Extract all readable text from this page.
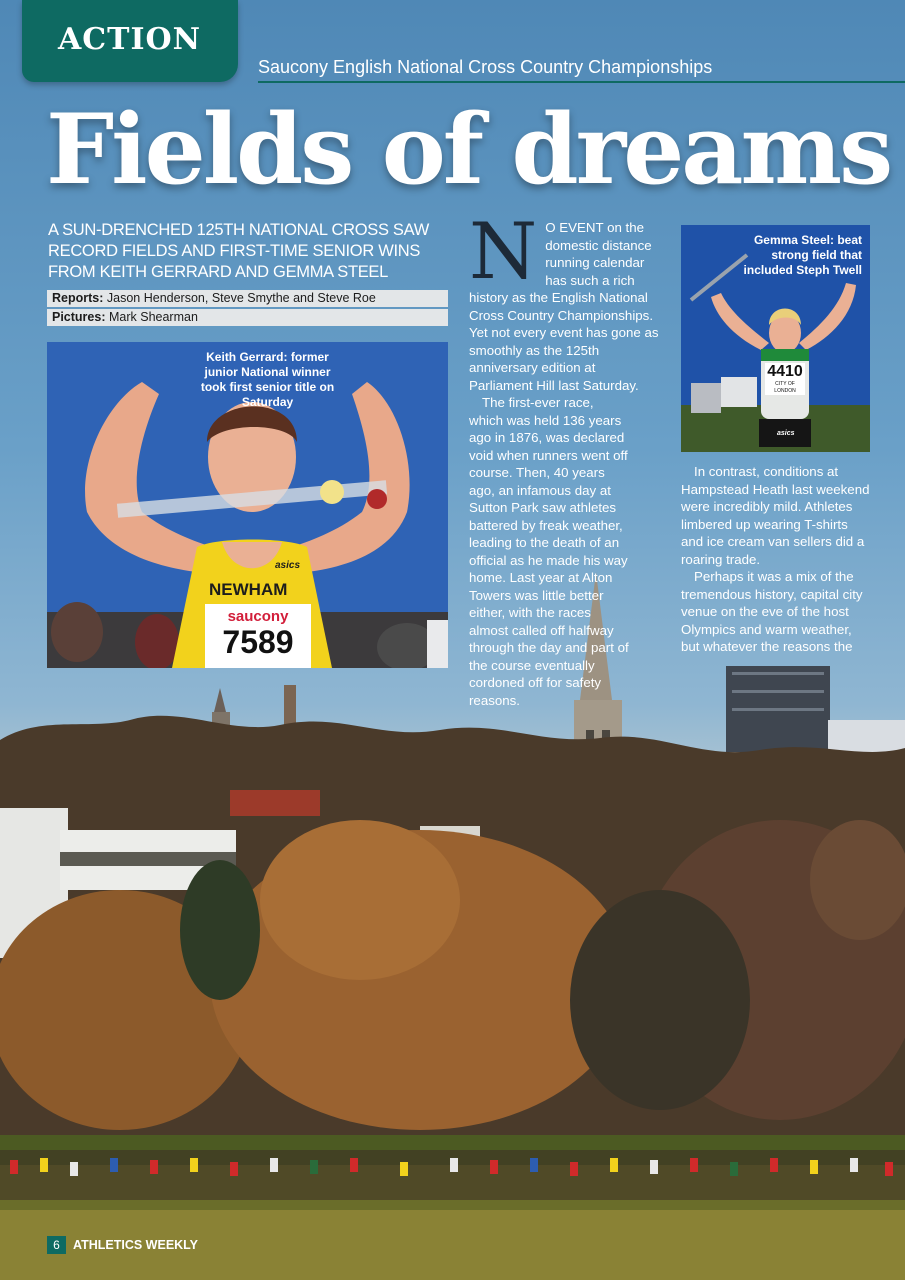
ACTION
Saucony English National Cross Country Championships
Fields of dreams
A SUN-DRENCHED 125TH NATIONAL CROSS SAW RECORD FIELDS AND FIRST-TIME SENIOR WINS FROM KEITH GERRARD AND GEMMA STEEL
Reports: Jason Henderson, Steve Smythe and Steve Roe
Pictures: Mark Shearman
Keith Gerrard: former junior National winner took first senior title on Saturday
NEWHAM
asics
saucony
7589

N O EVENT on the domestic distance running calendar has such a rich history as the English National Cross Country Championships. Yet not every event has gone as smoothly as the 125th anniversary edition at Parliament Hill last Saturday.

The first-ever race, which was held 136 years ago in 1876, was declared void when runners went off course. Then, 40 years ago, an infamous day at Sutton Park saw athletes battered by freak weather, leading to the death of an official as he made his way home. Last year at Alton Towers was little better either, with the races almost called off halfway through the day and part of the course eventually cordoned off for safety reasons.

Gemma Steel: beat strong field that included Steph Twell
4410
CITY OF LONDON
asics

In contrast, conditions at Hampstead Heath last weekend were incredibly mild. Athletes limbered up wearing T-shirts and ice cream van sellers did a roaring trade.

Perhaps it was a mix of the tremendous history, capital city venue on the eve of the host Olympics and warm weather, but whatever the reasons the

6	ATHLETICS WEEKLY
